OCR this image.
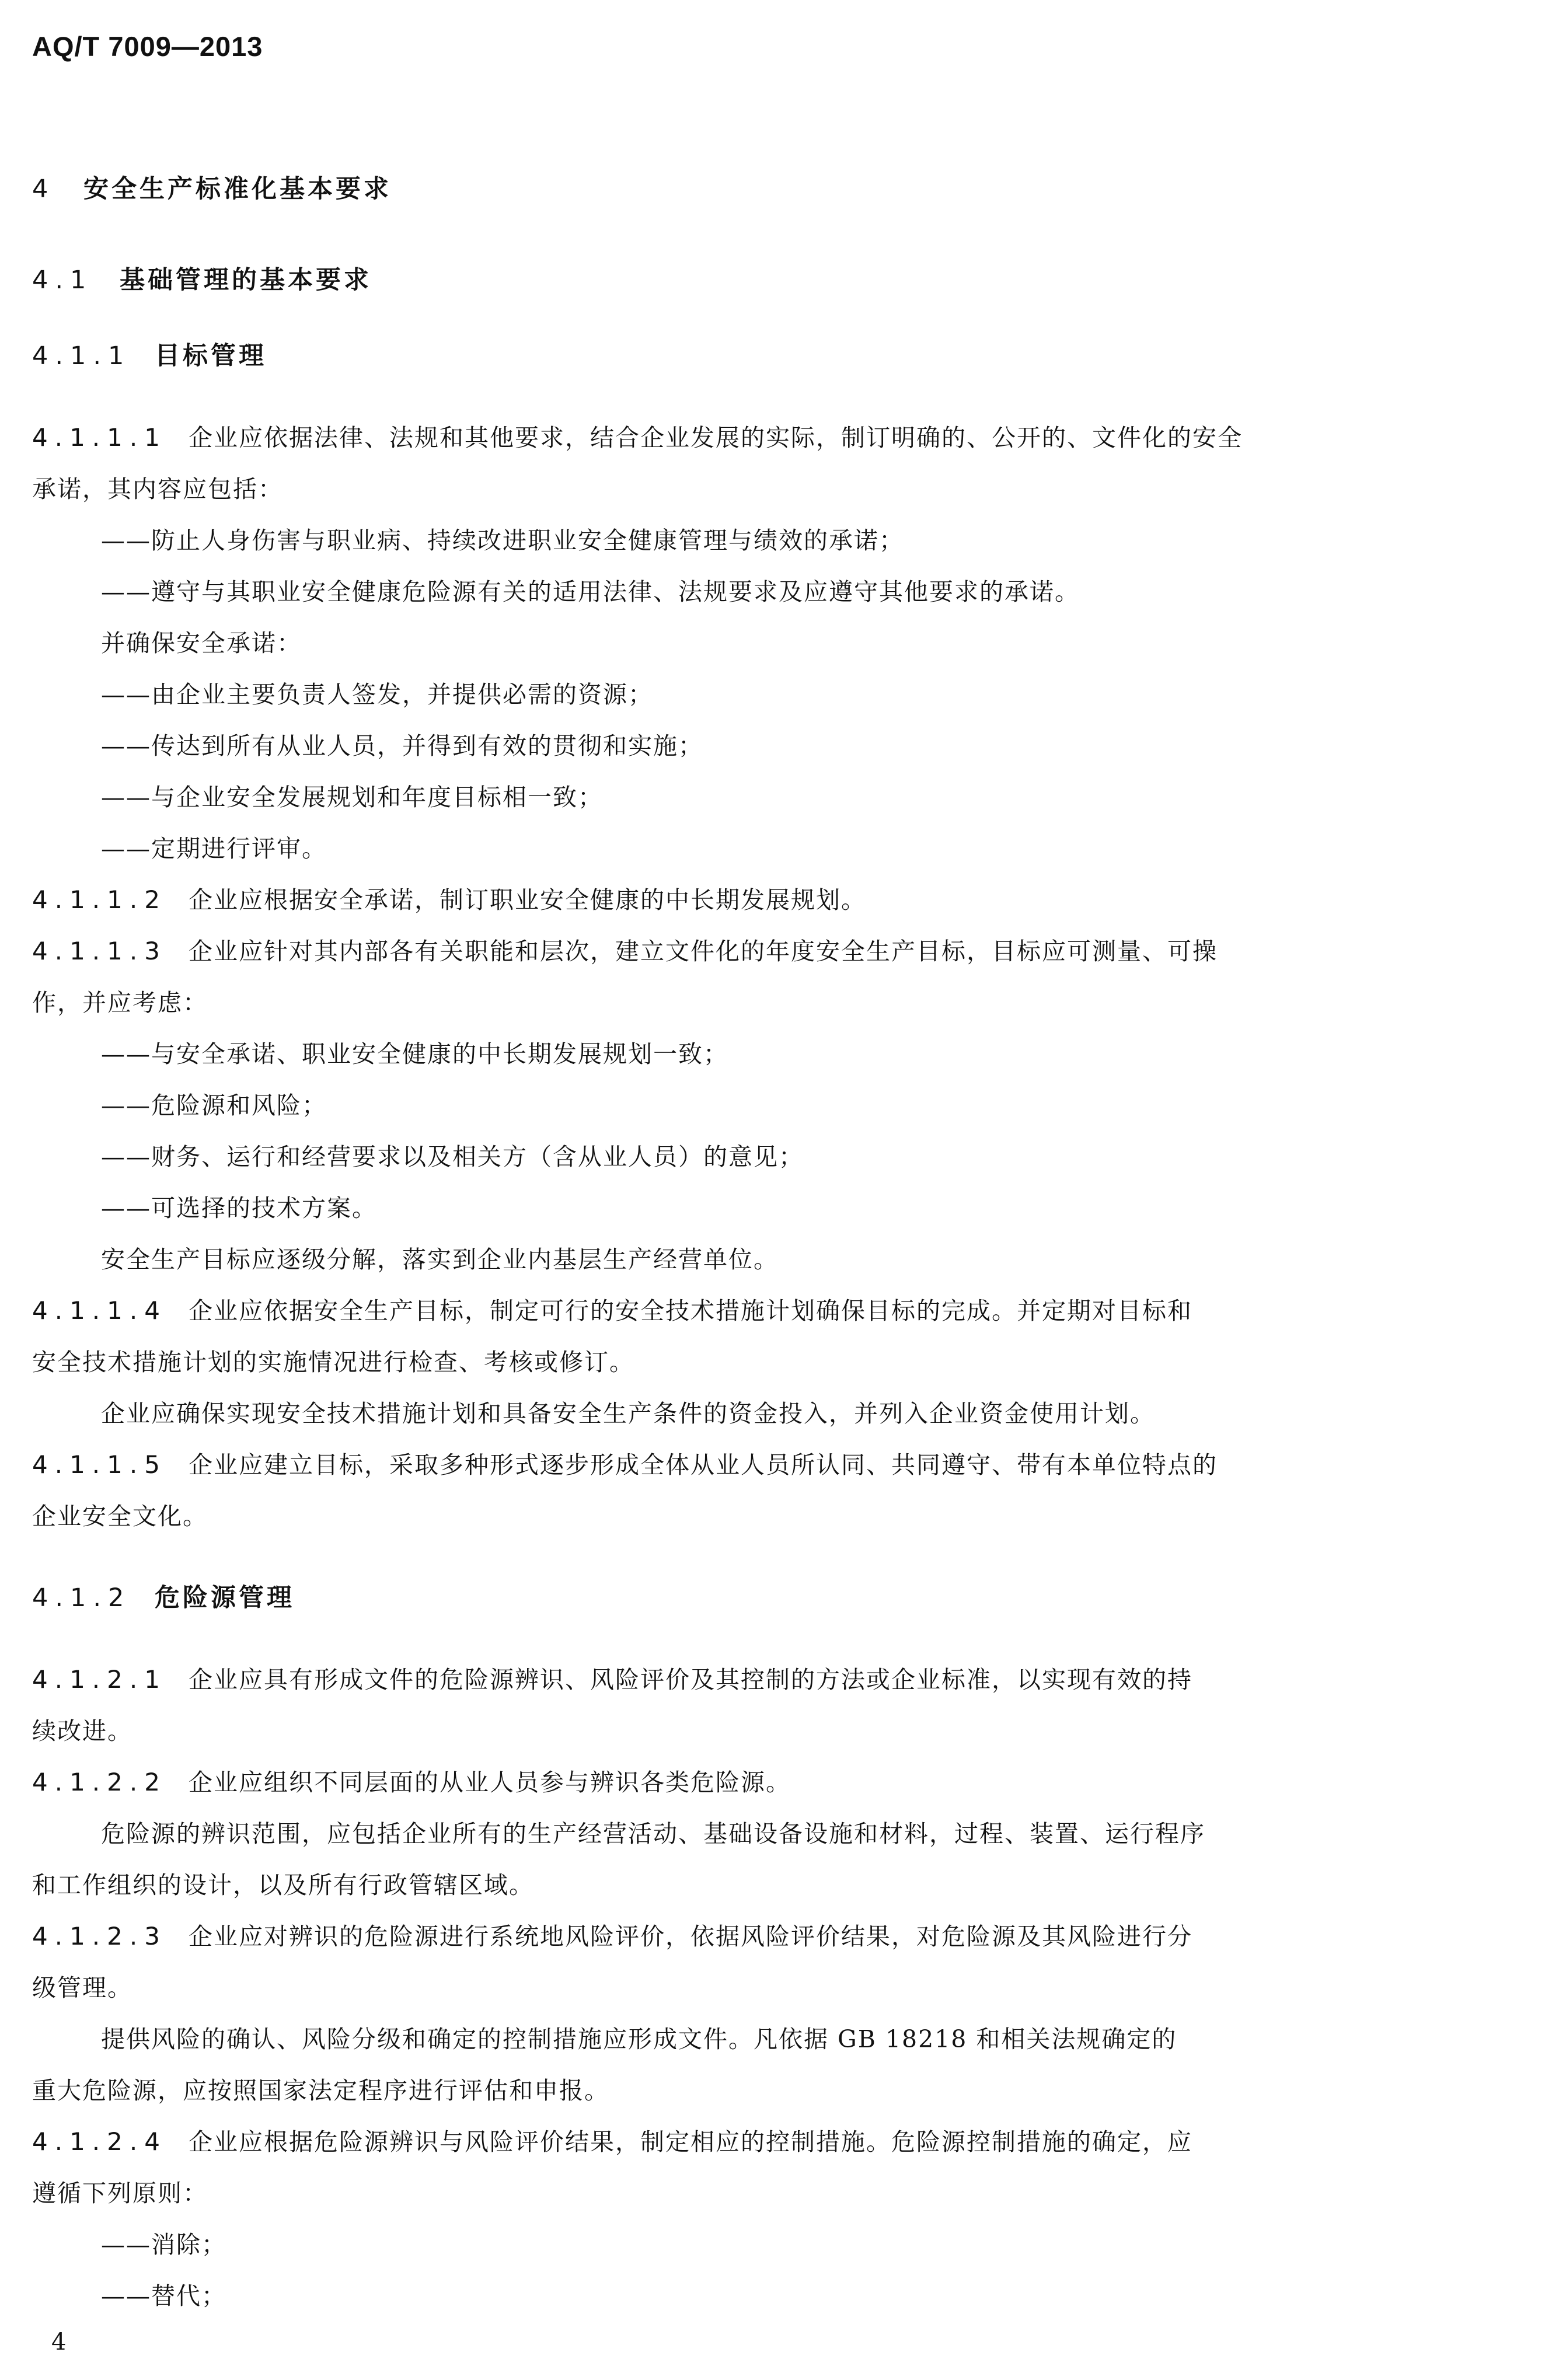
AQ/T 7009—2013
4 安全生产标准化基本要求
4.1 基础管理的基本要求
4.1.1 目标管理

4.1.1.1 企业应依据法律、法规和其他要求，结合企业发展的实际，制订明确的、公开的、文件化的安全

承诺，其内容应包括：

——防止人身伤害与职业病、持续改进职业安全健康管理与绩效的承诺；

——遵守与其职业安全健康危险源有关的适用法律、法规要求及应遵守其他要求的承诺。

并确保安全承诺：

——由企业主要负责人签发，并提供必需的资源；

——传达到所有从业人员，并得到有效的贯彻和实施；

——与企业安全发展规划和年度目标相一致；

——定期进行评审。

4.1.1.2 企业应根据安全承诺，制订职业安全健康的中长期发展规划。

4.1.1.3 企业应针对其内部各有关职能和层次，建立文件化的年度安全生产目标，目标应可测量、可操

作，并应考虑：

——与安全承诺、职业安全健康的中长期发展规划一致；

——危险源和风险；

——财务、运行和经营要求以及相关方（含从业人员）的意见；

——可选择的技术方案。

安全生产目标应逐级分解，落实到企业内基层生产经营单位。

4.1.1.4 企业应依据安全生产目标，制定可行的安全技术措施计划确保目标的完成。并定期对目标和

安全技术措施计划的实施情况进行检查、考核或修订。

企业应确保实现安全技术措施计划和具备安全生产条件的资金投入，并列入企业资金使用计划。

4.1.1.5 企业应建立目标，采取多种形式逐步形成全体从业人员所认同、共同遵守、带有本单位特点的

企业安全文化。

4.1.2 危险源管理

4.1.2.1 企业应具有形成文件的危险源辨识、风险评价及其控制的方法或企业标准，以实现有效的持

续改进。

4.1.2.2 企业应组织不同层面的从业人员参与辨识各类危险源。

危险源的辨识范围，应包括企业所有的生产经营活动、基础设备设施和材料，过程、装置、运行程序

和工作组织的设计，以及所有行政管辖区域。

4.1.2.3 企业应对辨识的危险源进行系统地风险评价，依据风险评价结果，对危险源及其风险进行分

级管理。

提供风险的确认、风险分级和确定的控制措施应形成文件。凡依据 GB 18218 和相关法规确定的

重大危险源，应按照国家法定程序进行评估和申报。

4.1.2.4 企业应根据危险源辨识与风险评价结果，制定相应的控制措施。危险源控制措施的确定，应

遵循下列原则：

——消除；

——替代；

4
